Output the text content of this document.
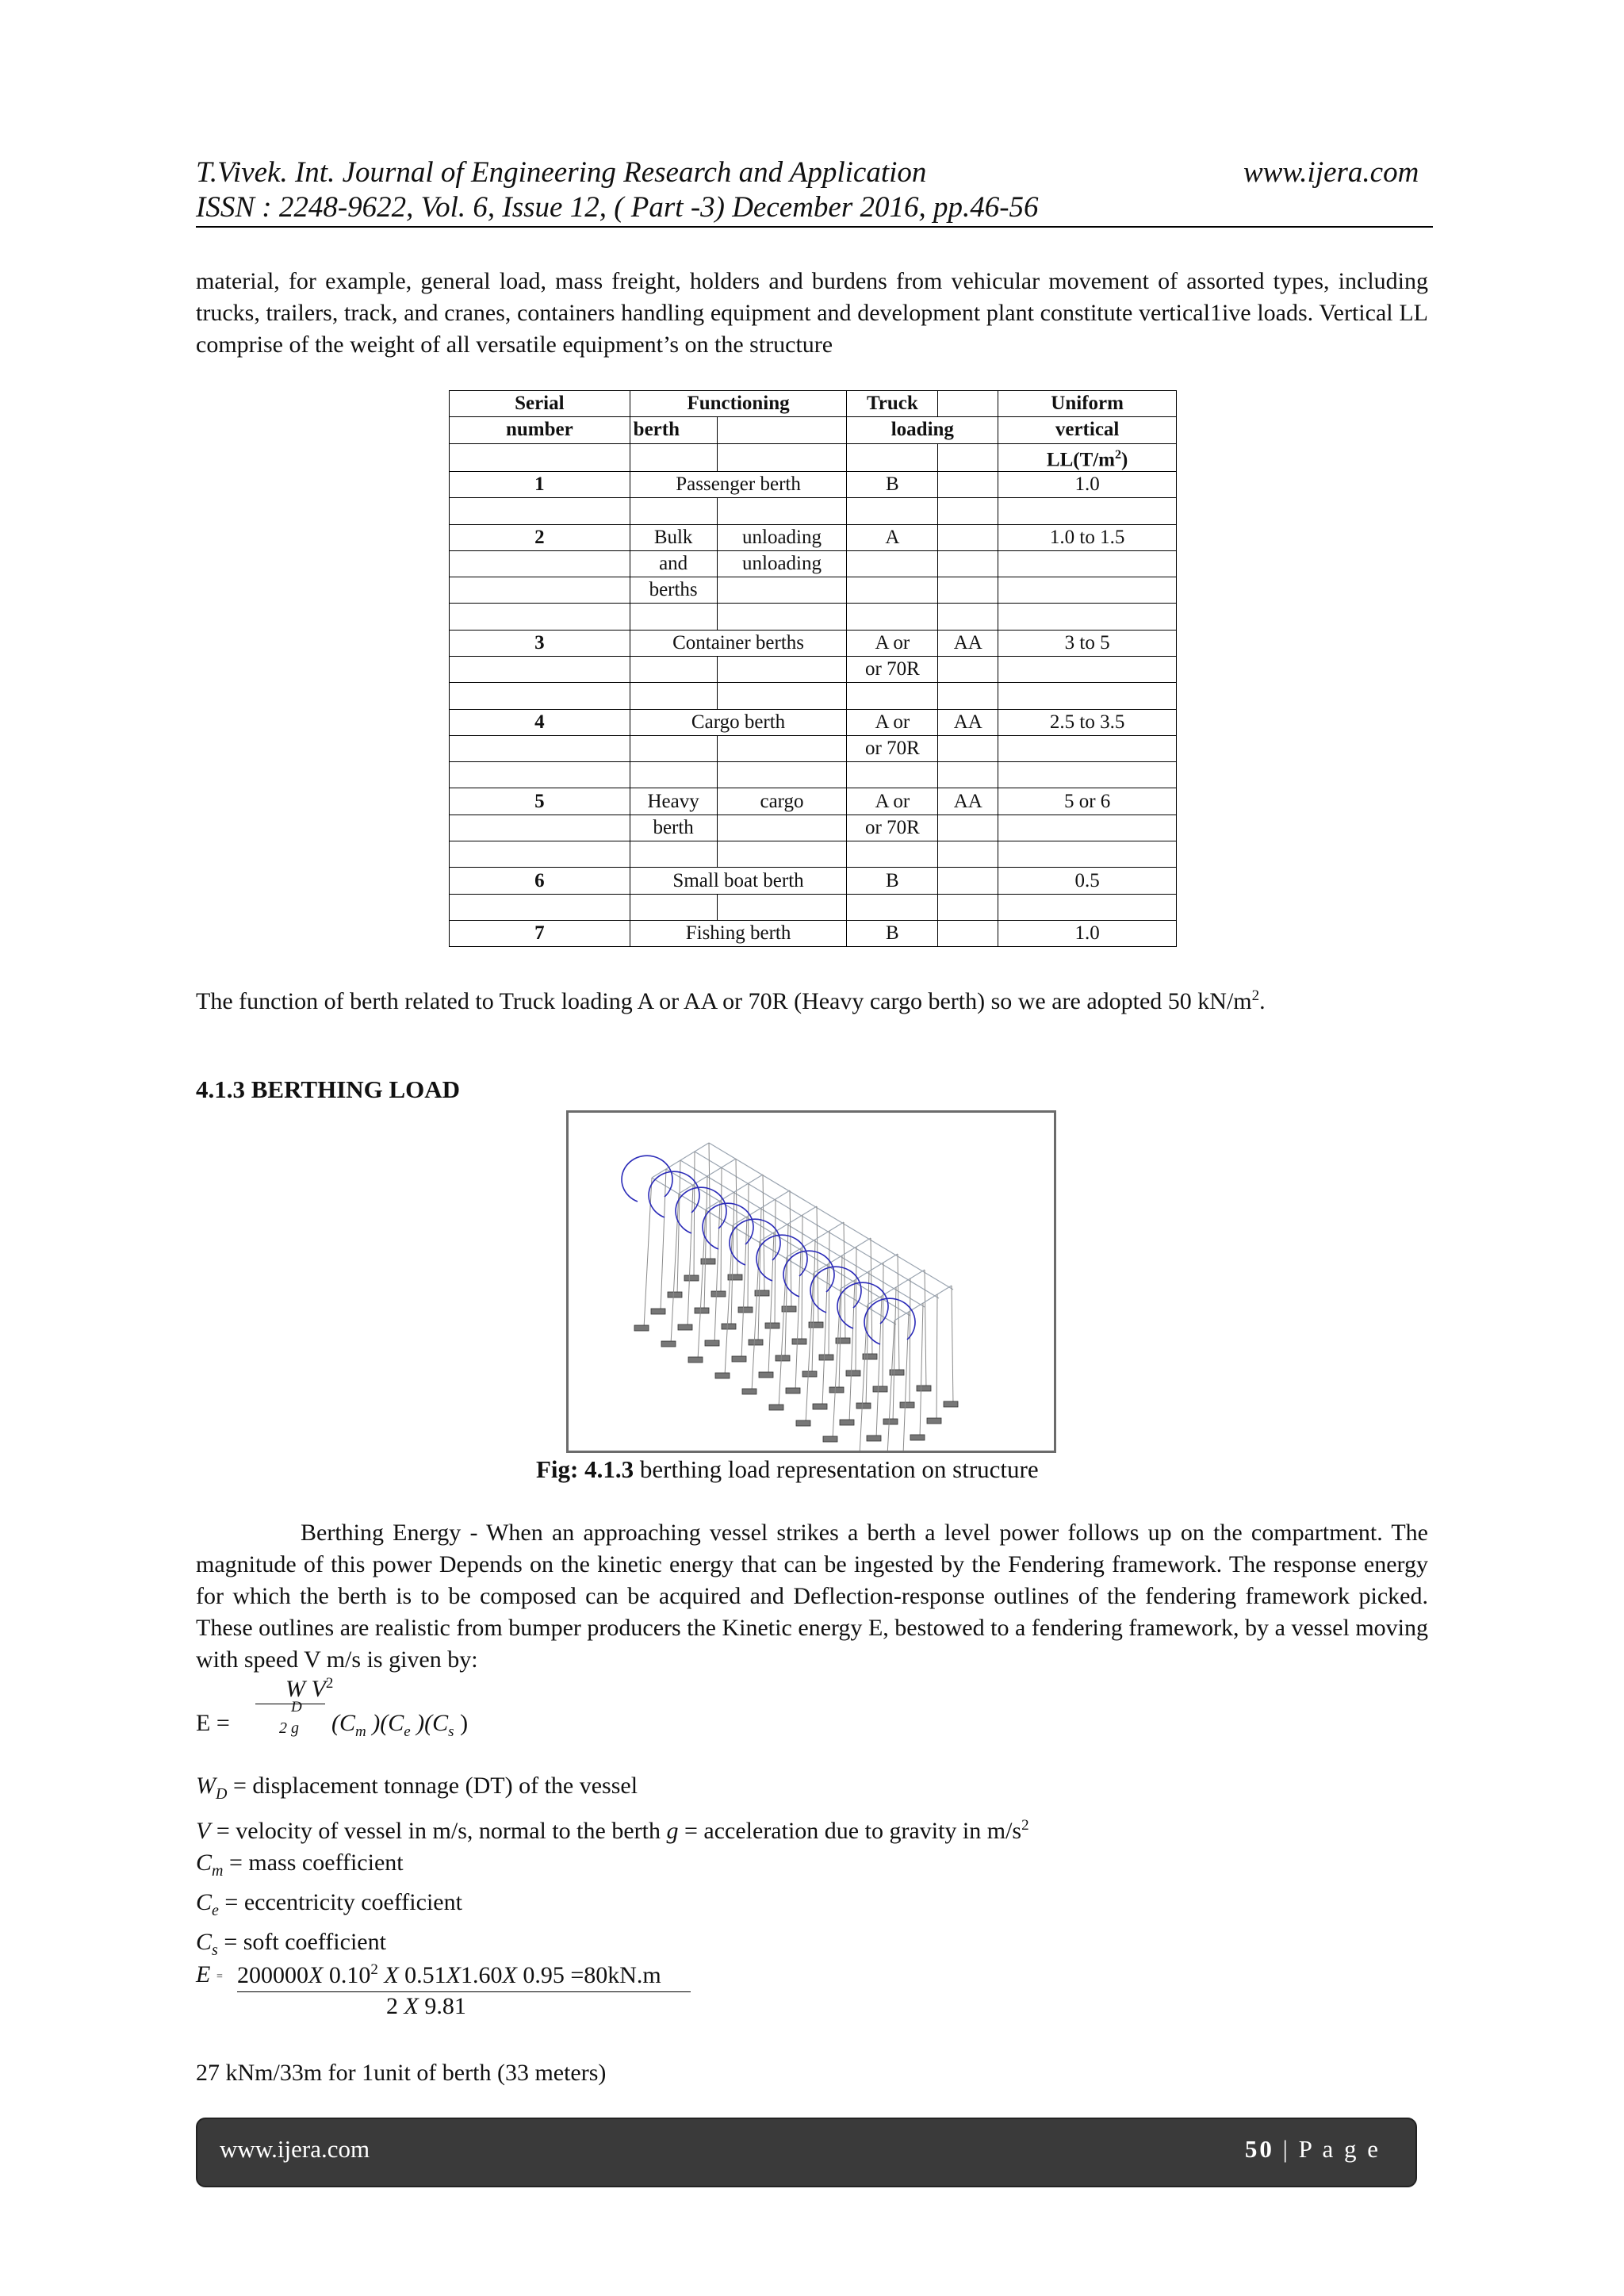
T.Vivek. Int. Journal of Engineering Research and Application	www.ijera.com
ISSN : 2248-9622, Vol. 6, Issue 12, ( Part -3) December 2016, pp.46-56
material, for example, general load, mass freight, holders and burdens from vehicular movement of assorted types, including trucks, trailers, track, and cranes, containers handling equipment and development plant constitute vertical1ive loads. Vertical LL comprise of the weight of all versatile equipment’s on the structure
Serial	Functioning		Truck		Uniform
number	berth		loading		vertical
					$LL(T/m^2)$
1	Passenger berth		B		1.0

2	Bulk	unloading	A		1.0 to 1.5
	and	unloading			
	berths				

3	Container berths		A or	AA	3 to 5
			or 70R		

4	Cargo berth		A or	AA	2.5 to 3.5
			or 70R		

5	Heavy	cargo	A or	AA	5 or 6
	berth		or 70R		

6	Small boat berth		B		0.5

7	Fishing berth		B		1.0
The function of berth related to Truck loading A or AA or 70R (Heavy cargo berth) so we are adopted 50 $kN/m^2$.
4.1.3 BERTHING LOAD
Fig: 4.1.3 berthing load representation on structure
Berthing Energy - When an approaching vessel strikes a berth a level power follows up on the compartment. The magnitude of this power Depends on the kinetic energy that can be ingested by the Fendering framework. The response energy for which the berth is to be composed can be acquired and Deflection-response outlines of the fendering framework picked. These outlines are realistic from bumper producers the Kinetic energy E, bestowed to a fendering framework, by a vessel moving with speed V m/s is given by:
W $V^2$
D
E =	2 g ($C_m$ )($C_e$ )($C_s$ )
$W_D$ = displacement tonnage (DT) of the vessel
V = velocity of vessel in m/s, normal to the berth g = acceleration due to gravity in $m/s^2$
$C_m$ = mass coefficient
$C_e$ = eccentricity coefficient
$C_s$ = soft coefficient
E = 200000X 0.10$^2$ X 0.51X1.60X 0.95 =80kN.m
2 X 9.81
27 kNm/33m for 1unit of berth (33 meters)
www.ijera.com	50 | P a g e
